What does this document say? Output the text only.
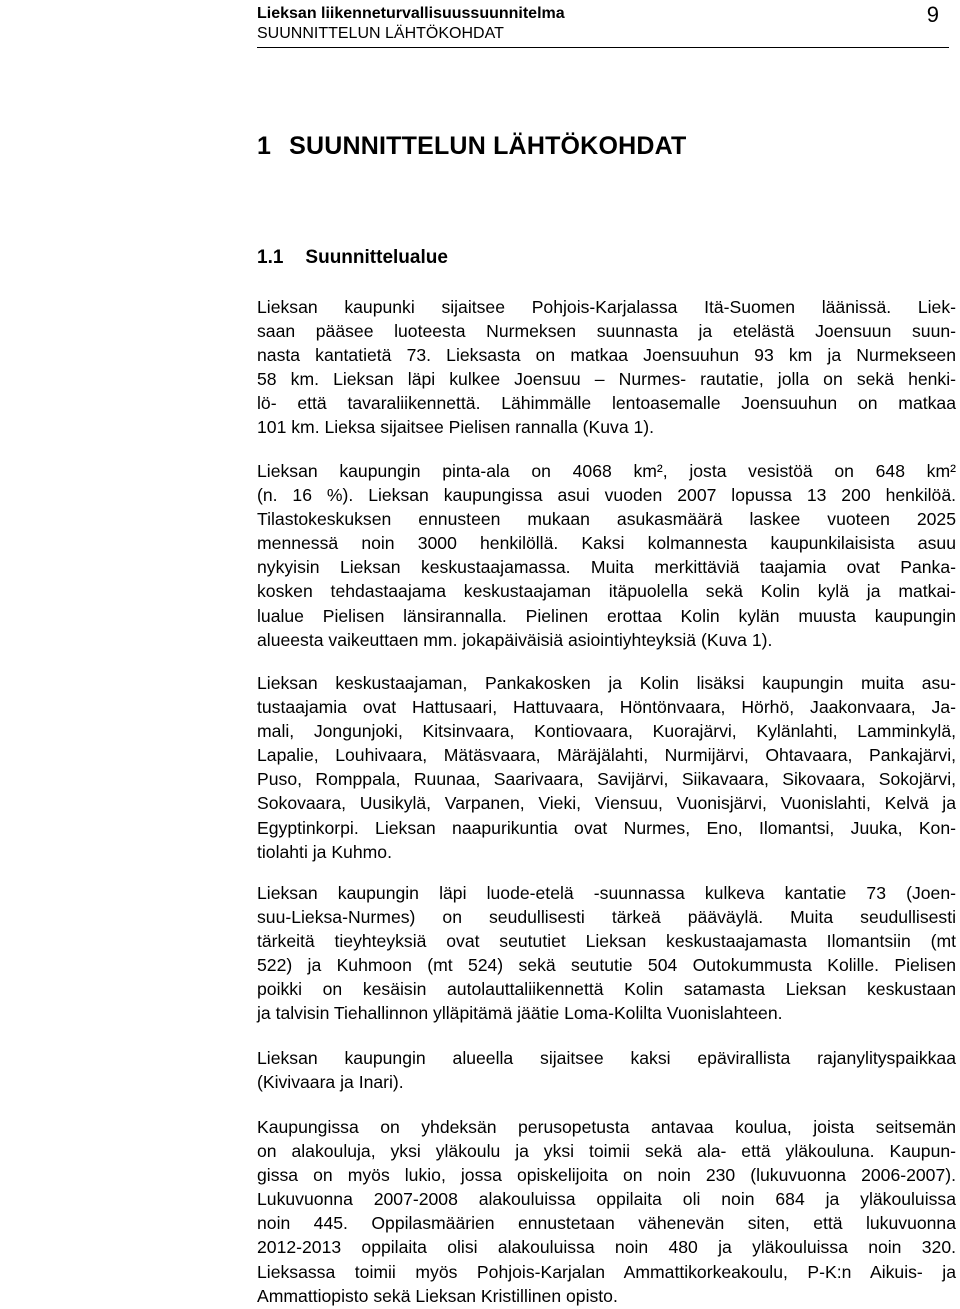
Lieksan liikenneturvallisuussuunnitelma
SUUNNITTELUN LÄHTÖKOHDAT
9
1 SUUNNITTELUN LÄHTÖKOHDAT
1.1 Suunnittelualue
Lieksan kaupunki sijaitsee Pohjois-Karjalassa Itä-Suomen läänissä. Liek-
saan pääsee luoteesta Nurmeksen suunnasta ja etelästä Joensuun suun-
nasta kantatietä 73. Lieksasta on matkaa Joensuuhun 93 km ja Nurmekseen
58 km. Lieksan läpi kulkee Joensuu – Nurmes- rautatie, jolla on sekä henki-
lö- että tavaraliikennettä. Lähimmälle lentoasemalle Joensuuhun on matkaa
101 km. Lieksa sijaitsee Pielisen rannalla (Kuva 1).
Lieksan kaupungin pinta-ala on 4068 km², josta vesistöä on 648 km²
(n. 16 %). Lieksan kaupungissa asui vuoden 2007 lopussa 13 200 henkilöä.
Tilastokeskuksen ennusteen mukaan asukasmäärä laskee vuoteen 2025
mennessä noin 3000 henkilöllä. Kaksi kolmannesta kaupunkilaisista asuu
nykyisin Lieksan keskustaajamassa. Muita merkittäviä taajamia ovat Panka-
kosken tehdastaajama keskustaajaman itäpuolella sekä Kolin kylä ja matkai-
lualue Pielisen länsirannalla. Pielinen erottaa Kolin kylän muusta kaupungin
alueesta vaikeuttaen mm. jokapäiväisiä asiointiyhteyksiä (Kuva 1).
Lieksan keskustaajaman, Pankakosken ja Kolin lisäksi kaupungin muita asu-
tustaajamia ovat Hattusaari, Hattuvaara, Höntönvaara, Hörhö, Jaakonvaara, Ja-
mali, Jongunjoki, Kitsinvaara, Kontiovaara, Kuorajärvi, Kylänlahti, Lamminkylä,
Lapalie, Louhivaara, Mätäsvaara, Märäjälahti, Nurmijärvi, Ohtavaara, Pankajärvi,
Puso, Romppala, Ruunaa, Saarivaara, Savijärvi, Siikavaara, Sikovaara, Sokojärvi,
Sokovaara, Uusikylä, Varpanen, Vieki, Viensuu, Vuonisjärvi, Vuonislahti, Kelvä ja
Egyptinkorpi. Lieksan naapurikuntia ovat Nurmes, Eno, Ilomantsi, Juuka, Kon-
tiolahti ja Kuhmo.
Lieksan kaupungin läpi luode-etelä -suunnassa kulkeva kantatie 73 (Joen-
suu-Lieksa-Nurmes) on seudullisesti tärkeä pääväylä. Muita seudullisesti
tärkeitä tieyhteyksiä ovat seututiet Lieksan keskustaajamasta Ilomantsiin (mt
522) ja Kuhmoon (mt 524) sekä seututie 504 Outokummusta Kolille. Pielisen
poikki on kesäisin autolauttaliikennettä Kolin satamasta Lieksan keskustaan
ja talvisin Tiehallinnon ylläpitämä jäätie Loma-Kolilta Vuonislahteen.
Lieksan kaupungin alueella sijaitsee kaksi epävirallista rajanylityspaikkaa
(Kivivaara ja Inari).
Kaupungissa on yhdeksän perusopetusta antavaa koulua, joista seitsemän
on alakouluja, yksi yläkoulu ja yksi toimii sekä ala- että yläkouluna. Kaupun-
gissa on myös lukio, jossa opiskelijoita on noin 230 (lukuvuonna 2006-2007).
Lukuvuonna 2007-2008 alakouluissa oppilaita oli noin 684 ja yläkouluissa
noin 445. Oppilasmäärien ennustetaan vähenevän siten, että lukuvuonna
2012-2013 oppilaita olisi alakouluissa noin 480 ja yläkouluissa noin 320.
Lieksassa toimii myös Pohjois-Karjalan Ammattikorkeakoulu, P-K:n Aikuis- ja
Ammattiopisto sekä Lieksan Kristillinen opisto.
